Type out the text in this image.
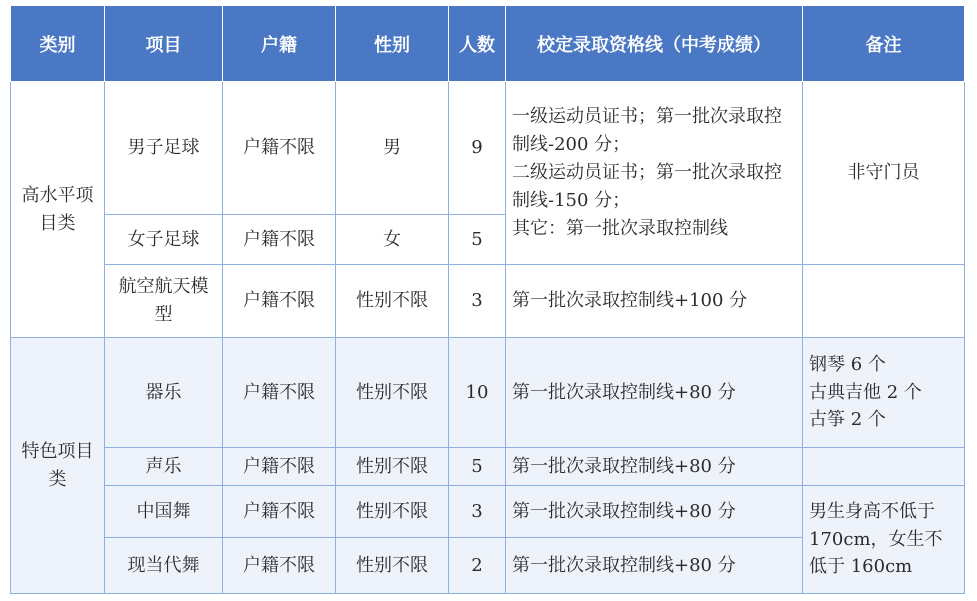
类别	项目	户籍	性别	人数	校定录取资格线（中考成绩）	备注
高水平项目类	男子足球	户籍不限	男	9	一级运动员证书；第一批次录取控制线-200 分；
二级运动员证书；第一批次录取控制线-150 分；
其它：第一批次录取控制线	非守门员
	女子足球	户籍不限	女	5		
	航空航天模型	户籍不限	性别不限	3	第一批次录取控制线+100 分	
特色项目类	器乐	户籍不限	性别不限	10	第一批次录取控制线+80 分	钢琴 6 个
古典吉他 2 个
古筝 2 个

	声乐	户籍不限	性别不限	5	第一批次录取控制线+80 分	
	中国舞	户籍不限	性别不限	3	第一批次录取控制线+80 分	男生身高不低于 170cm，女生不低于 160cm
	现当代舞	户籍不限	性别不限	2	第一批次录取控制线+80 分	
